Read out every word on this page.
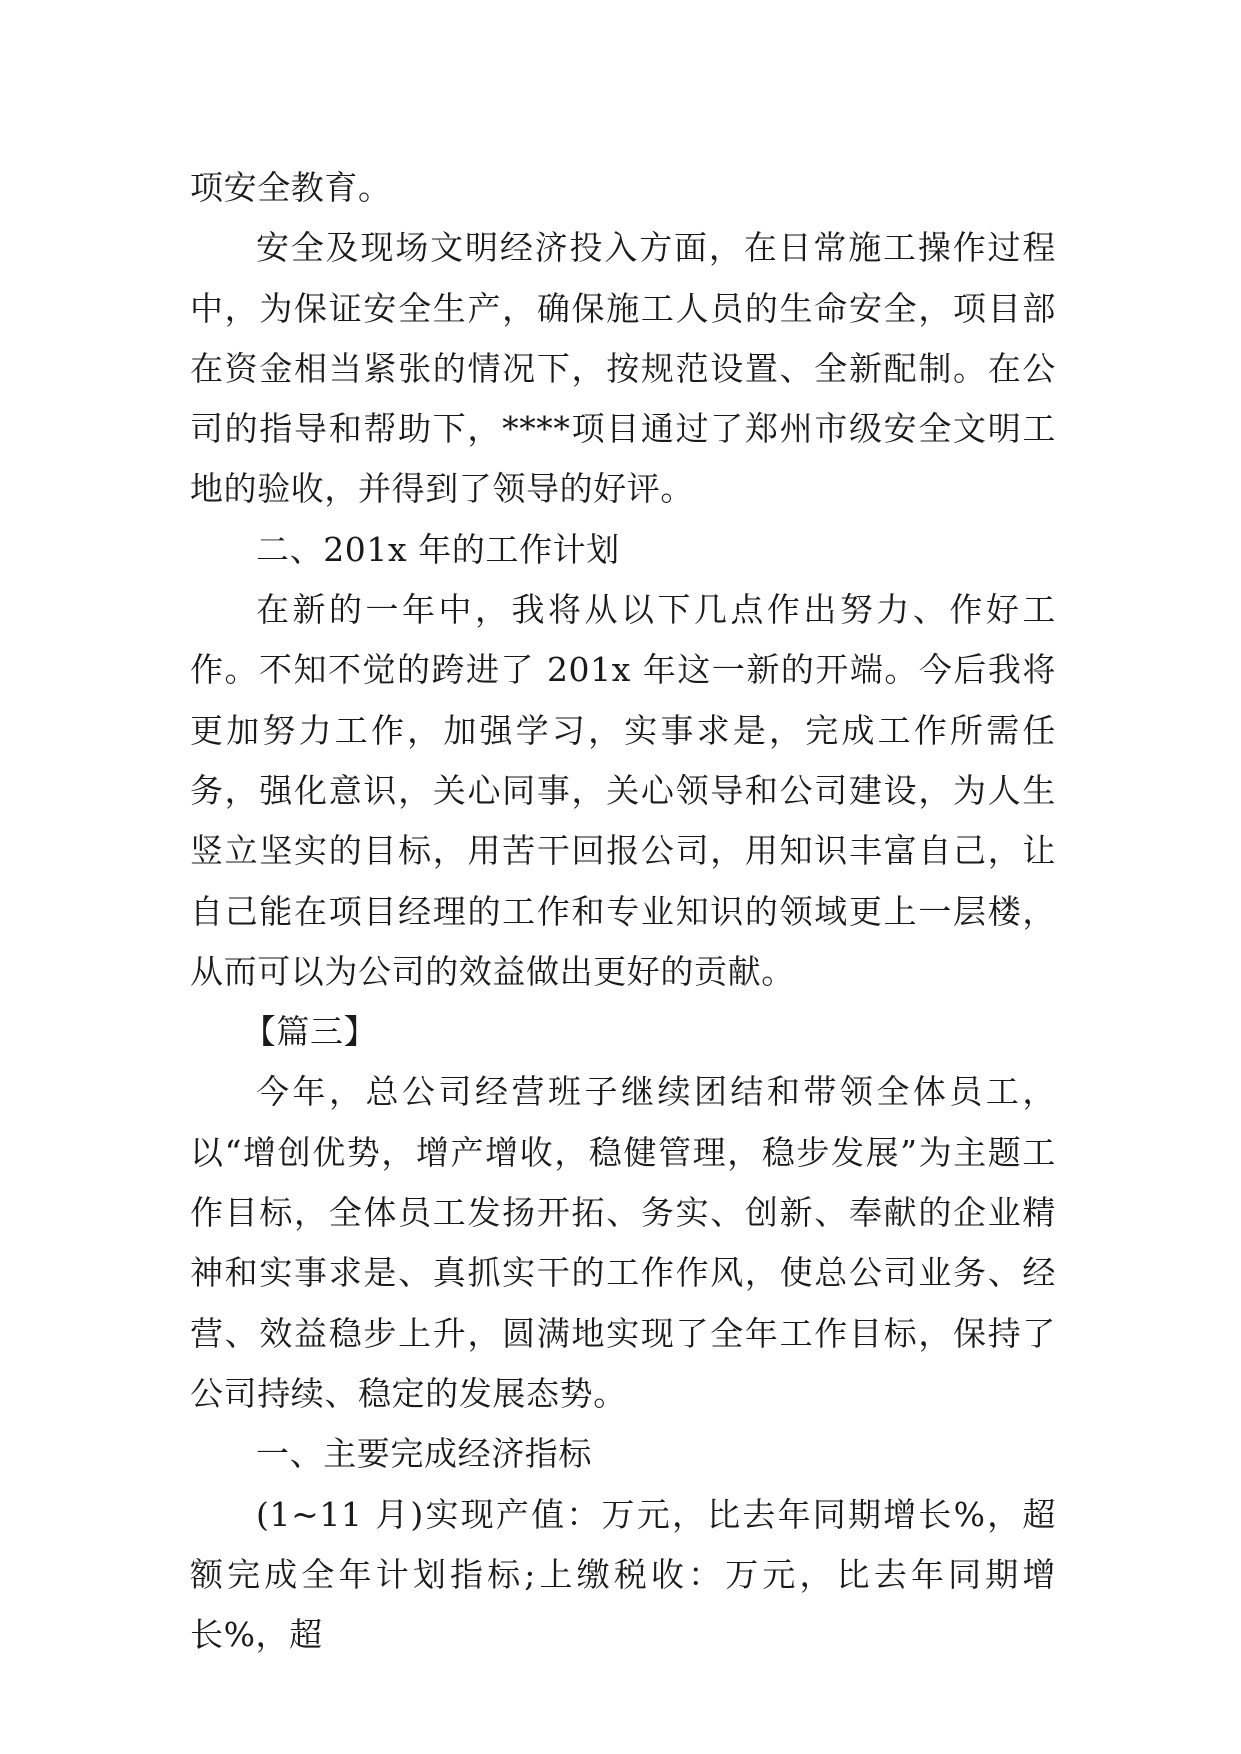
项安全教育。

安全及现场文明经济投入方面，在日常施工操作过程中，为保证安全生产，确保施工人员的生命安全，项目部在资金相当紧张的情况下，按规范设置、全新配制。在公司的指导和帮助下，****项目通过了郑州市级安全文明工地的验收，并得到了领导的好评。

二、201x 年的工作计划

在新的一年中，我将从以下几点作出努力、作好工作。不知不觉的跨进了 201x 年这一新的开端。今后我将更加努力工作，加强学习，实事求是，完成工作所需任务，强化意识，关心同事，关心领导和公司建设，为人生竖立坚实的目标，用苦干回报公司，用知识丰富自己，让自己能在项目经理的工作和专业知识的领域更上一层楼，从而可以为公司的效益做出更好的贡献。

【篇三】

今年，总公司经营班子继续团结和带领全体员工，以“增创优势，增产增收，稳健管理，稳步发展”为主题工作目标，全体员工发扬开拓、务实、创新、奉献的企业精神和实事求是、真抓实干的工作作风，使总公司业务、经营、效益稳步上升，圆满地实现了全年工作目标，保持了公司持续、稳定的发展态势。

一、主要完成经济指标

(1~11 月)实现产值：万元，比去年同期增长%，超额完成全年计划指标;上缴税收：万元，比去年同期增长%，超
